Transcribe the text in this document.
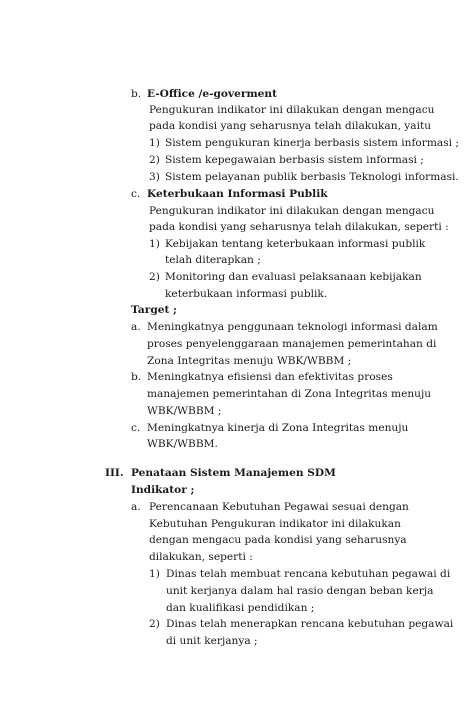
b. E-Office /e-goverment
Pengukuran indikator ini dilakukan dengan mengacu
pada kondisi yang seharusnya telah dilakukan, yaitu
1) Sistem pengukuran kinerja berbasis sistem informasi ;
2) Sistem kepegawaian berbasis sistem informasi ;
3) Sistem pelayanan publik berbasis Teknologi informasi.
c. Keterbukaan Informasi Publik
Pengukuran indikator ini dilakukan dengan mengacu
pada kondisi yang seharusnya telah dilakukan, seperti :
1) Kebijakan tentang keterbukaan informasi publik
telah diterapkan ;
2) Monitoring dan evaluasi pelaksanaan kebijakan
keterbukaan informasi publik.
Target ;
a. Meningkatnya penggunaan teknologi informasi dalam
proses penyelenggaraan manajemen pemerintahan di
Zona Integritas menuju WBK/WBBM ;
b. Meningkatnya efisiensi dan efektivitas proses
manajemen pemerintahan di Zona Integritas menuju
WBK/WBBM ;
c. Meningkatnya kinerja di Zona Integritas menuju
WBK/WBBM.
III. Penataan Sistem Manajemen SDM
Indikator ;
a. Perencanaan Kebutuhan Pegawai sesuai dengan
Kebutuhan Pengukuran indikator ini dilakukan
dengan mengacu pada kondisi yang seharusnya
dilakukan, seperti :
1) Dinas telah membuat rencana kebutuhan pegawai di
unit kerjanya dalam hal rasio dengan beban kerja
dan kualifikasi pendidikan ;
2) Dinas telah menerapkan rencana kebutuhan pegawai
di unit kerjanya ;
